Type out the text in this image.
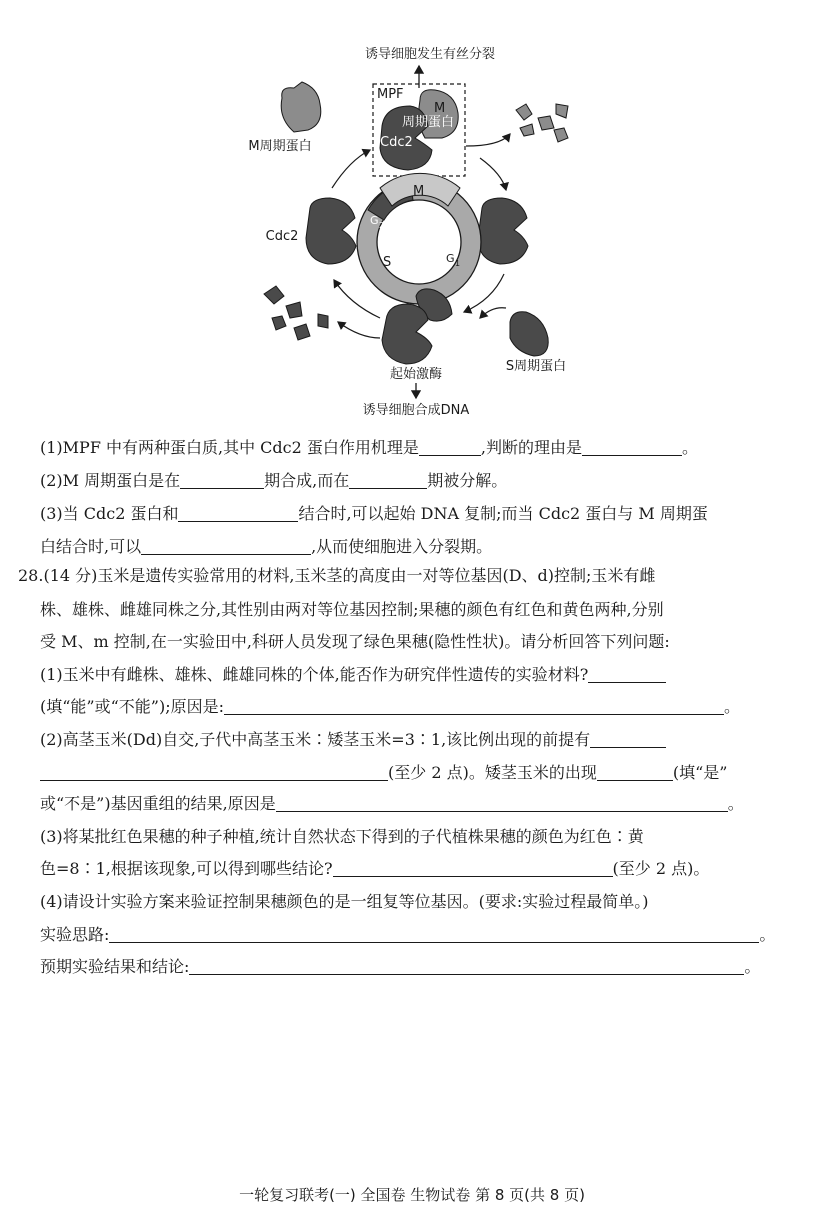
诱导细胞发生有丝分裂
MPF
M
周期蛋白
Cdc2
M周期蛋白
Cdc2
M
G 2
S	G 1
起始激酶
S周期蛋白
诱导细胞合成DNA
(1)MPF 中有两种蛋白质,其中 Cdc2 蛋白作用机理是	,判断的理由是	。
(2)M 周期蛋白是在	期合成,而在	期被分解。
(3)当 Cdc2 蛋白和	结合时,可以起始 DNA 复制;而当 Cdc2 蛋白与 M 周期蛋
白结合时,可以	,从而使细胞进入分裂期。
28.(14 分)玉米是遗传实验常用的材料,玉米茎的高度由一对等位基因(D、d)控制;玉米有雌
株、雄株、雌雄同株之分,其性别由两对等位基因控制;果穗的颜色有红色和黄色两种,分别
受 M、m 控制,在一实验田中,科研人员发现了绿色果穗(隐性性状)。请分析回答下列问题:
(1)玉米中有雌株、雄株、雌雄同株的个体,能否作为研究伴性遗传的实验材料?
(填“能”或“不能”);原因是:	。
(2)高茎玉米(Dd)自交,子代中高茎玉米∶矮茎玉米=3∶1,该比例出现的前提有
(至少 2 点)。矮茎玉米的出现	(填“是”
或“不是”)基因重组的结果,原因是	。
(3)将某批红色果穗的种子种植,统计自然状态下得到的子代植株果穗的颜色为红色∶黄
色=8∶1,根据该现象,可以得到哪些结论?	(至少 2 点)。
(4)请设计实验方案来验证控制果穗颜色的是一组复等位基因。(要求:实验过程最简单。)
实验思路:	。
预期实验结果和结论:	。
一轮复习联考(一) 全国卷 生物试卷 第 8 页(共 8 页)
